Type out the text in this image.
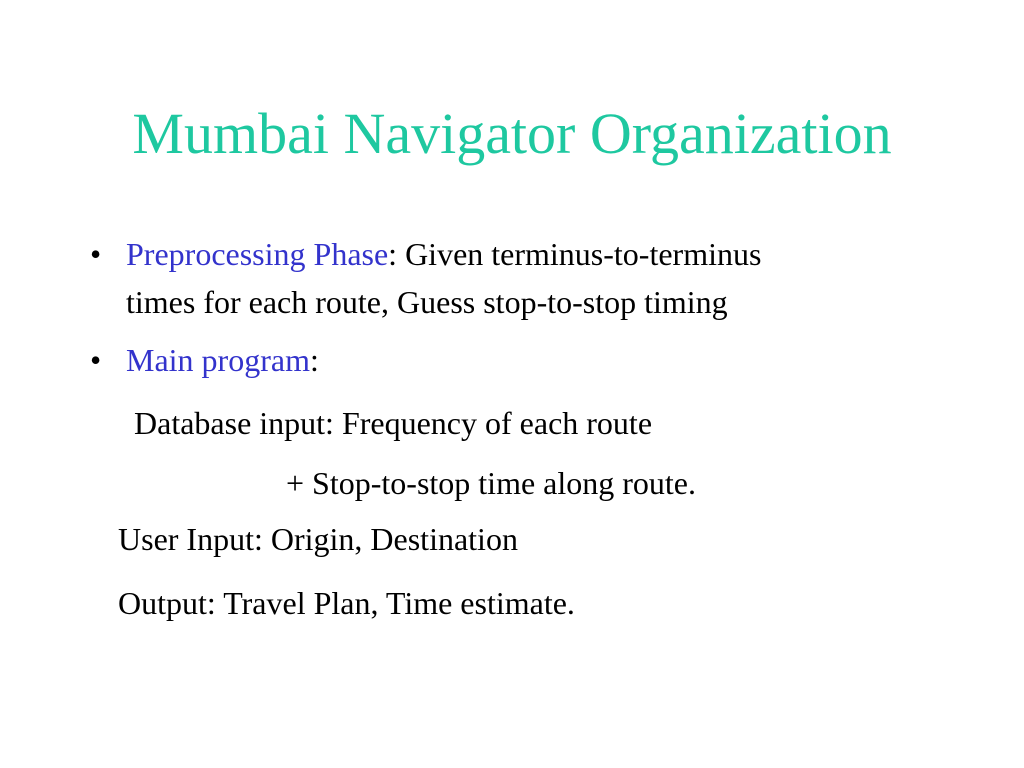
Mumbai Navigator Organization
• Preprocessing Phase: Given terminus-to-terminus
times for each route, Guess stop-to-stop timing
• Main program:
Database input: Frequency of each route
+ Stop-to-stop time along route.
User Input: Origin, Destination
Output: Travel Plan, Time estimate.
